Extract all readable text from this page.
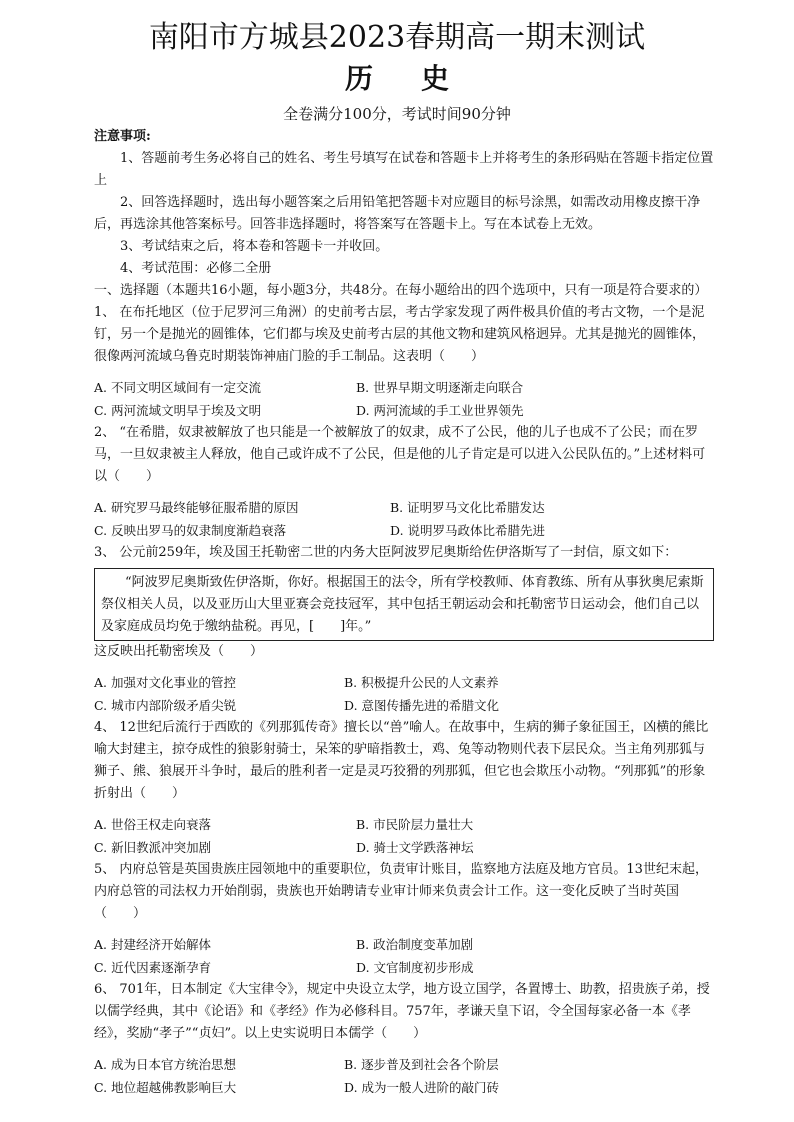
南阳市方城县2023春期高一期末测试
历 史
全卷满分100分，考试时间90分钟

注意事项:

1、答题前考生务必将自己的姓名、考生号填写在试卷和答题卡上并将考生的条形码贴在答题卡指定位置上

2、回答选择题时，选出每小题答案之后用铅笔把答题卡对应题目的标号涂黑，如需改动用橡皮擦干净后，再选涂其他答案标号。回答非选择题时，将答案写在答题卡上。写在本试卷上无效。

3、考试结束之后，将本卷和答题卡一并收回。

4、考试范围：必修二全册

一、选择题（本题共16小题，每小题3分，共48分。在每小题给出的四个选项中，只有一项是符合要求的）

1、 在布托地区（位于尼罗河三角洲）的史前考古层，考古学家发现了两件极具价值的考古文物，一个是泥钉，另一个是抛光的圆锥体，它们都与埃及史前考古层的其他文物和建筑风格迥异。尤其是抛光的圆锥体，很像两河流域乌鲁克时期装饰神庙门脸的手工制品。这表明（　　）

A. 不同文明区域间有一定交流	B. 世界早期文明逐渐走向联合
C. 两河流域文明早于埃及文明	D. 两河流域的手工业世界领先

2、 “在希腊，奴隶被解放了也只能是一个被解放了的奴隶，成不了公民，他的儿子也成不了公民；而在罗马，一旦奴隶被主人释放，他自己或许成不了公民，但是他的儿子肯定是可以进入公民队伍的。”上述材料可以（　　）

A. 研究罗马最终能够征服希腊的原因	B. 证明罗马文化比希腊发达
C. 反映出罗马的奴隶制度渐趋衰落	D. 说明罗马政体比希腊先进

3、 公元前259年，埃及国王托勒密二世的内务大臣阿波罗尼奥斯给佐伊洛斯写了一封信，原文如下：

“阿波罗尼奥斯致佐伊洛斯，你好。根据国王的法令，所有学校教师、体育教练、所有从事狄奥尼索斯祭仪相关人员，以及亚历山大里亚赛会竞技冠军，其中包括王朝运动会和托勒密节日运动会，他们自己以及家庭成员均免于缴纳盐税。再见，[　　]年。”

这反映出托勒密埃及（　　）

A. 加强对文化事业的管控	B. 积极提升公民的人文素养
C. 城市内部阶级矛盾尖锐	D. 意图传播先进的希腊文化

4、 12世纪后流行于西欧的《列那狐传奇》擅长以“兽”喻人。在故事中，生病的狮子象征国王，凶横的熊比喻大封建主，掠夺成性的狼影射骑士，呆笨的驴暗指教士，鸡、兔等动物则代表下层民众。当主角列那狐与狮子、熊、狼展开斗争时，最后的胜利者一定是灵巧狡猾的列那狐，但它也会欺压小动物。“列那狐”的形象折射出（　　）

A. 世俗王权走向衰落	B. 市民阶层力量壮大
C. 新旧教派冲突加剧	D. 骑士文学跌落神坛

5、 内府总管是英国贵族庄园领地中的重要职位，负责审计账目，监察地方法庭及地方官员。13世纪末起，内府总管的司法权力开始削弱，贵族也开始聘请专业审计师来负责会计工作。这一变化反映了当时英国（　　）

A. 封建经济开始解体	B. 政治制度变革加剧
C. 近代因素逐渐孕育	D. 文官制度初步形成

6、 701年，日本制定《大宝律令》，规定中央设立太学，地方设立国学，各置博士、助教，招贵族子弟，授以儒学经典，其中《论语》和《孝经》作为必修科目。757年，孝谦天皇下诏，令全国每家必备一本《孝经》，奖励“孝子”“贞妇”。以上史实说明日本儒学（　　）

A. 成为日本官方统治思想	B. 逐步普及到社会各个阶层
C. 地位超越佛教影响巨大	D. 成为一般人进阶的敲门砖
